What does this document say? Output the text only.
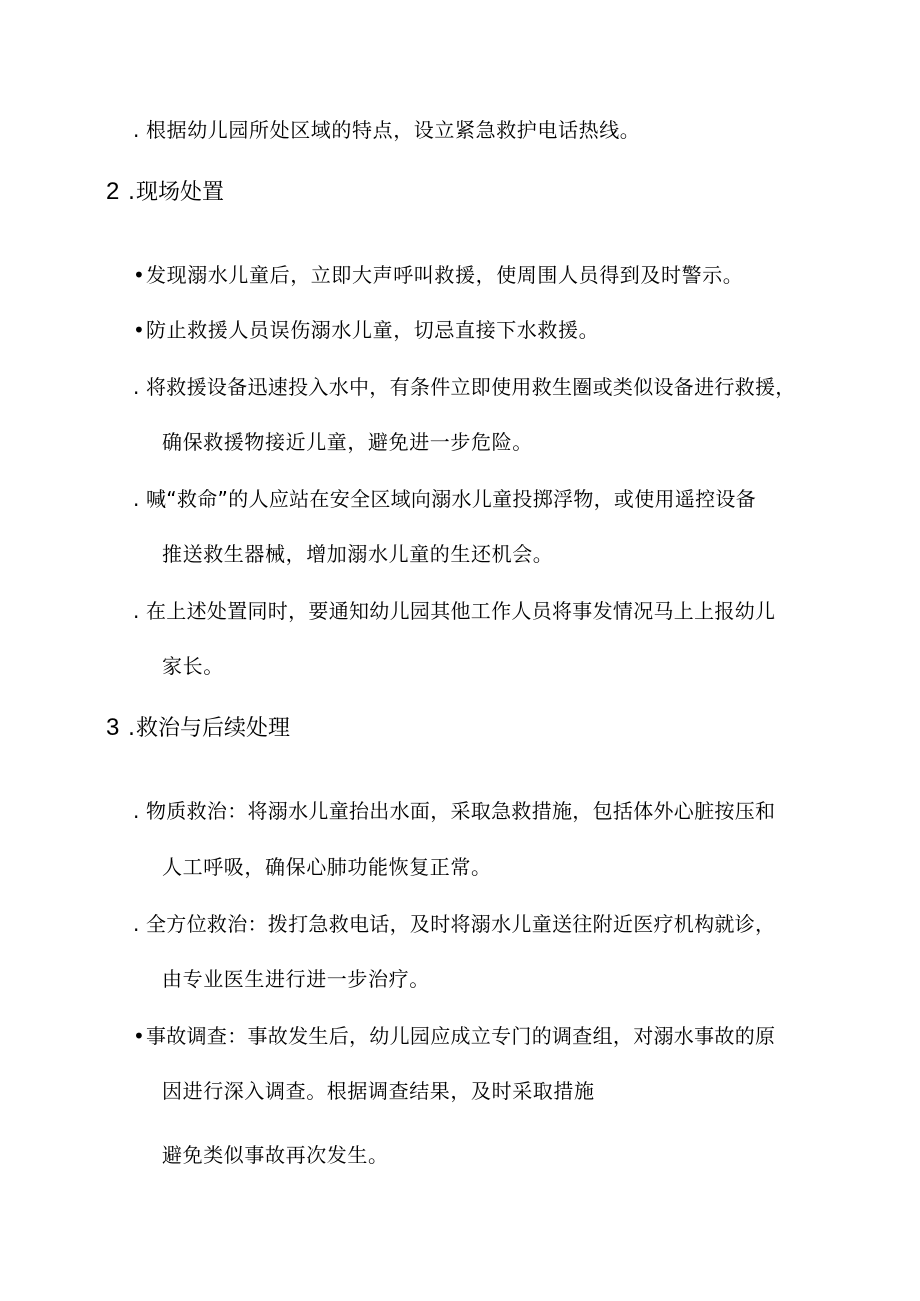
. 根据幼儿园所处区域的特点，设立紧急救护电话热线。
2 .现场处置
• 发现溺水儿童后，立即大声呼叫救援，使周围人员得到及时警示。
• 防止救援人员误伤溺水儿童，切忌直接下水救援。
. 将救援设备迅速投入水中，有条件立即使用救生圈或类似设备进行救援，
确保救援物接近儿童，避免进一步危险。
. 喊“救命”的人应站在安全区域向溺水儿童投掷浮物，或使用遥控设备
推送救生器械，增加溺水儿童的生还机会。
. 在上述处置同时，要通知幼儿园其他工作人员将事发情况马上上报幼儿
家长。
3 .救治与后续处理
. 物质救治：将溺水儿童抬出水面，采取急救措施，包括体外心脏按压和
人工呼吸，确保心肺功能恢复正常。
. 全方位救治：拨打急救电话，及时将溺水儿童送往附近医疗机构就诊，
由专业医生进行进一步治疗。
• 事故调查：事故发生后，幼儿园应成立专门的调查组，对溺水事故的原
因进行深入调查。根据调查结果，及时采取措施
避免类似事故再次发生。
